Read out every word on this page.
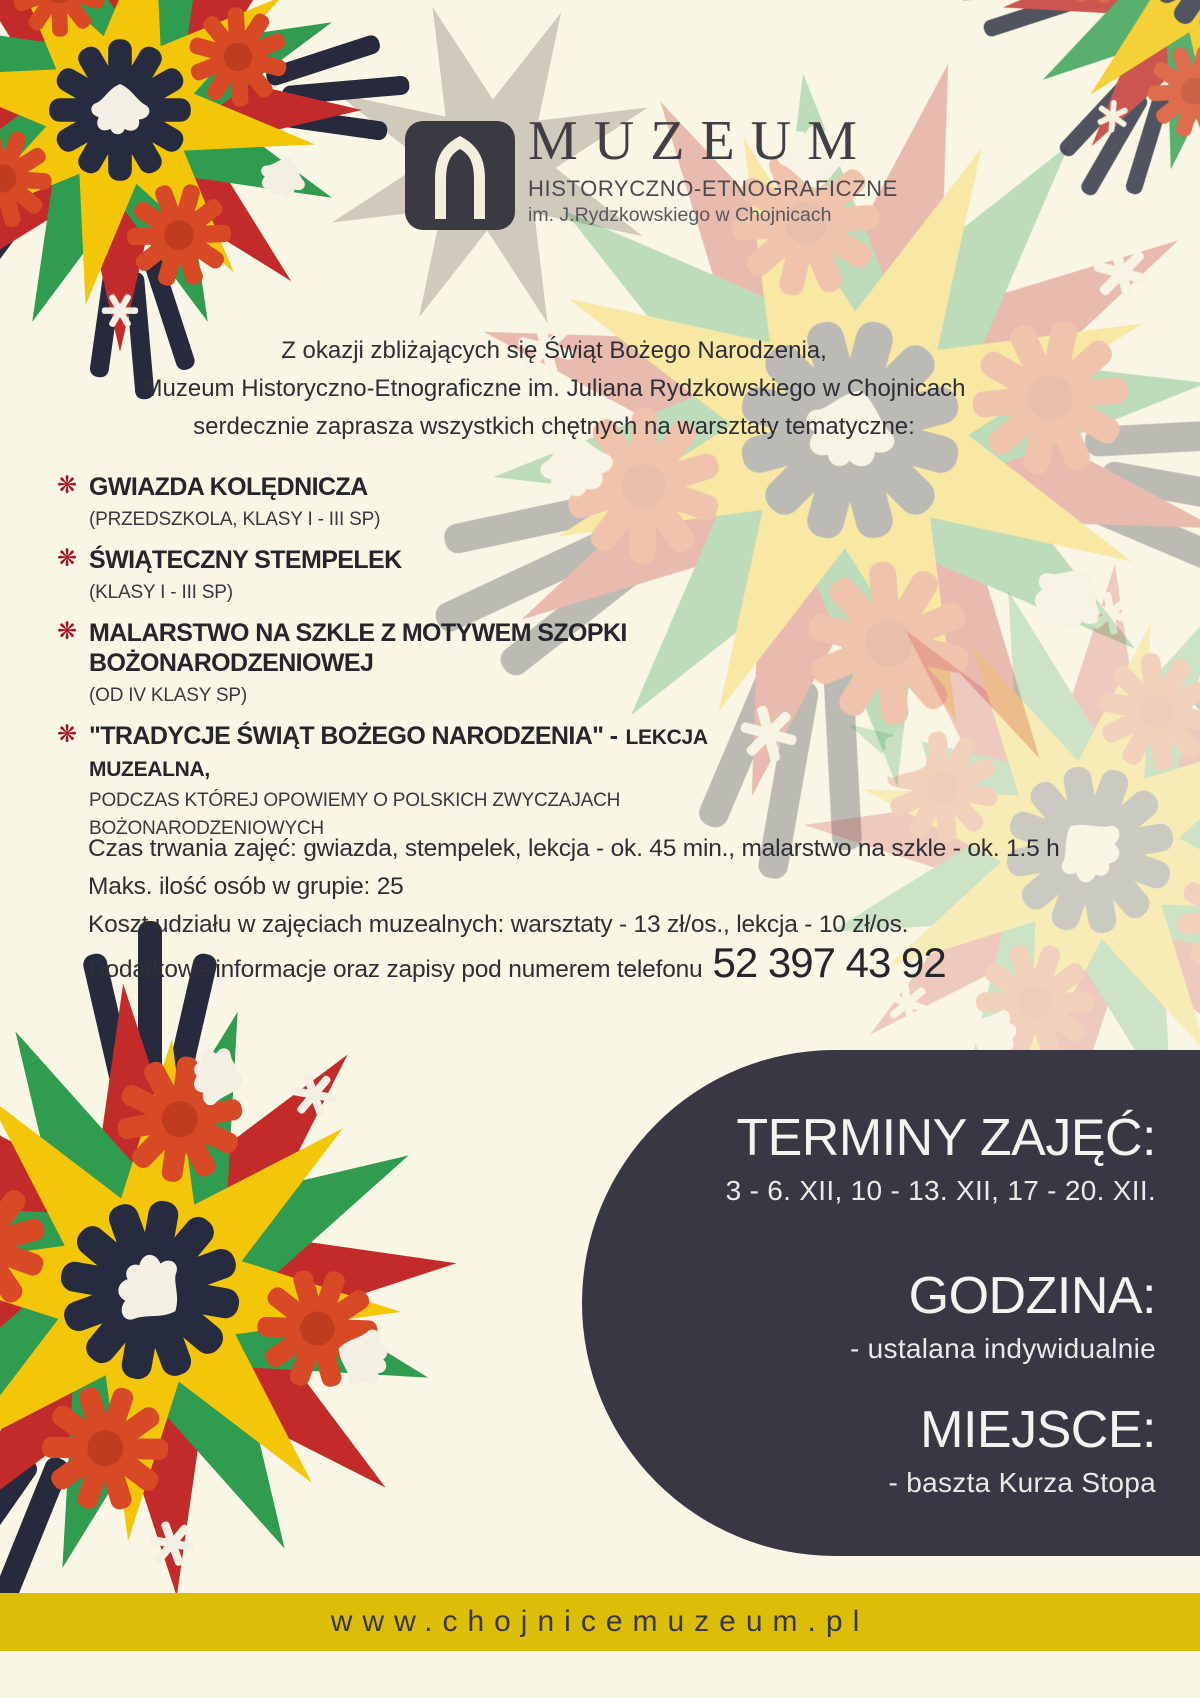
MUZEUM
HISTORYCZNO-ETNOGRAFICZNE
im. J.Rydzkowskiego w Chojnicach
Z okazji zbliżających się Świąt Bożego Narodzenia,
Muzeum Historyczno-Etnograficzne im. Juliana Rydzkowskiego w Chojnicach
serdecznie zaprasza wszystkich chętnych na warsztaty tematyczne:
❋ GWIAZDA KOLĘDNICZA
(PRZEDSZKOLA, KLASY I - III SP)
❋ ŚWIĄTECZNY STEMPELEK
(KLASY I - III SP)
❋ MALARSTWO NA SZKLE Z MOTYWEM SZOPKI BOŻONARODZENIOWEJ
(OD IV KLASY SP)
❋ "TRADYCJE ŚWIĄT BOŻEGO NARODZENIA" - LEKCJA MUZEALNA,
PODCZAS KTÓREJ OPOWIEMY O POLSKICH ZWYCZAJACH BOŻONARODZENIOWYCH
Czas trwania zajęć: gwiazda, stempelek, lekcja - ok. 45 min., malarstwo na szkle - ok. 1.5 h
Maks. ilość osób w grupie: 25
Koszt udziału w zajęciach muzealnych: warsztaty - 13 zł/os., lekcja - 10 zł/os.
Dodatkowe informacje oraz zapisy pod numerem telefonu 52 397 43 92
TERMINY ZAJĘĆ:
3 - 6. XII, 10 - 13. XII, 17 - 20. XII.
GODZINA:
- ustalana indywidualnie
MIEJSCE:
- baszta Kurza Stopa
www.chojnicemuzeum.pl
